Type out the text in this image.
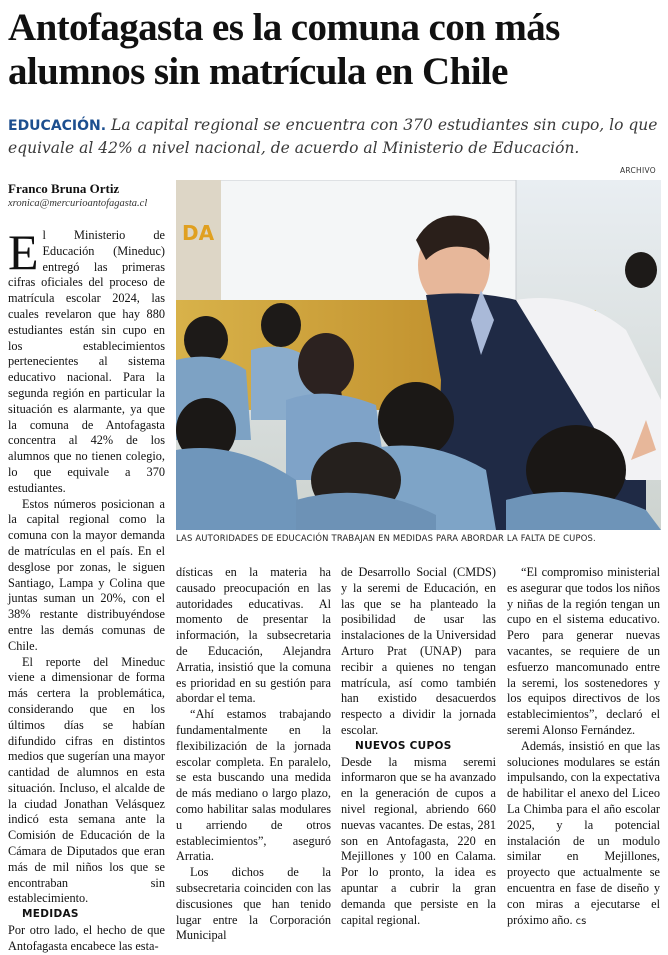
Antofagasta es la comuna con más alumnos sin matrícula en Chile

EDUCACIÓN. La capital regional se encuentra con 370 estudiantes sin cupo, lo que equivale al 42% a nivel nacional, de acuerdo al Ministerio de Educación.

ARCHIVO
Franco Bruna Ortiz
xronica@mercurioantofagasta.cl

El Ministerio de Educación (Mineduc) entregó las primeras cifras oficiales del proceso de matrícula escolar 2024, las cuales revelaron que hay 880 estudiantes están sin cupo en los establecimientos pertenecientes al sistema educativo nacional. Para la segunda región en particular la situación es alarmante, ya que la comuna de Antofagasta concentra al 42% de los alumnos que no tienen colegio, lo que equivale a 370 estudiantes.

Estos números posicionan a la capital regional como la comuna con la mayor demanda de matrículas en el país. En el desglose por zonas, le siguen Santiago, Lampa y Colina que juntas suman un 20%, con el 38% restante distribuyéndose entre las demás comunas de Chile.

El reporte del Mineduc viene a dimensionar de forma más certera la problemática, considerando que en los últimos días se habían difundido cifras en distintos medios que sugerían una mayor cantidad de alumnos en esta situación. Incluso, el alcalde de la ciudad Jonathan Velásquez indicó esta semana ante la Comisión de Educación de la Cámara de Diputados que eran más de mil niños los que se encontraban sin establecimiento.

MEDIDAS

Por otro lado, el hecho de que Antofagasta encabece las esta-

DA
LAS AUTORIDADES DE EDUCACIÓN TRABAJAN EN MEDIDAS PARA ABORDAR LA FALTA DE CUPOS.

dísticas en la materia ha causado preocupación en las autoridades educativas. Al momento de presentar la información, la subsecretaria de Educación, Alejandra Arratia, insistió que la comuna es prioridad en su gestión para abordar el tema.

“Ahí estamos trabajando fundamentalmente en la flexibilización de la jornada escolar completa. En paralelo, se esta buscando una medida de más mediano o largo plazo, como habilitar salas modulares u arriendo de otros establecimientos”, aseguró Arratia.

Los dichos de la subsecretaria coinciden con las discusiones que han tenido lugar entre la Corporación Municipal

de Desarrollo Social (CMDS) y la seremi de Educación, en las que se ha planteado la posibilidad de usar las instalaciones de la Universidad Arturo Prat (UNAP) para recibir a quienes no tengan matrícula, así como también han existido desacuerdos respecto a dividir la jornada escolar.

NUEVOS CUPOS

Desde la misma seremi informaron que se ha avanzado en la generación de cupos a nivel regional, abriendo 660 nuevas vacantes. De estas, 281 son en Antofagasta, 220 en Mejillones y 100 en Calama. Por lo pronto, la idea es apuntar a cubrir la gran demanda que persiste en la capital regional.

“El compromiso ministerial es asegurar que todos los niños y niñas de la región tengan un cupo en el sistema educativo. Pero para generar nuevas vacantes, se requiere de un esfuerzo mancomunado entre la seremi, los sostenedores y los equipos directivos de los establecimientos”, declaró el seremi Alonso Fernández.

Además, insistió en que las soluciones modulares se están impulsando, con la expectativa de habilitar el anexo del Liceo La Chimba para el año escolar 2025, y la potencial instalación de un modulo similar en Mejillones, proyecto que actualmente se encuentra en fase de diseño y con miras a ejecutarse el próximo año. cs
